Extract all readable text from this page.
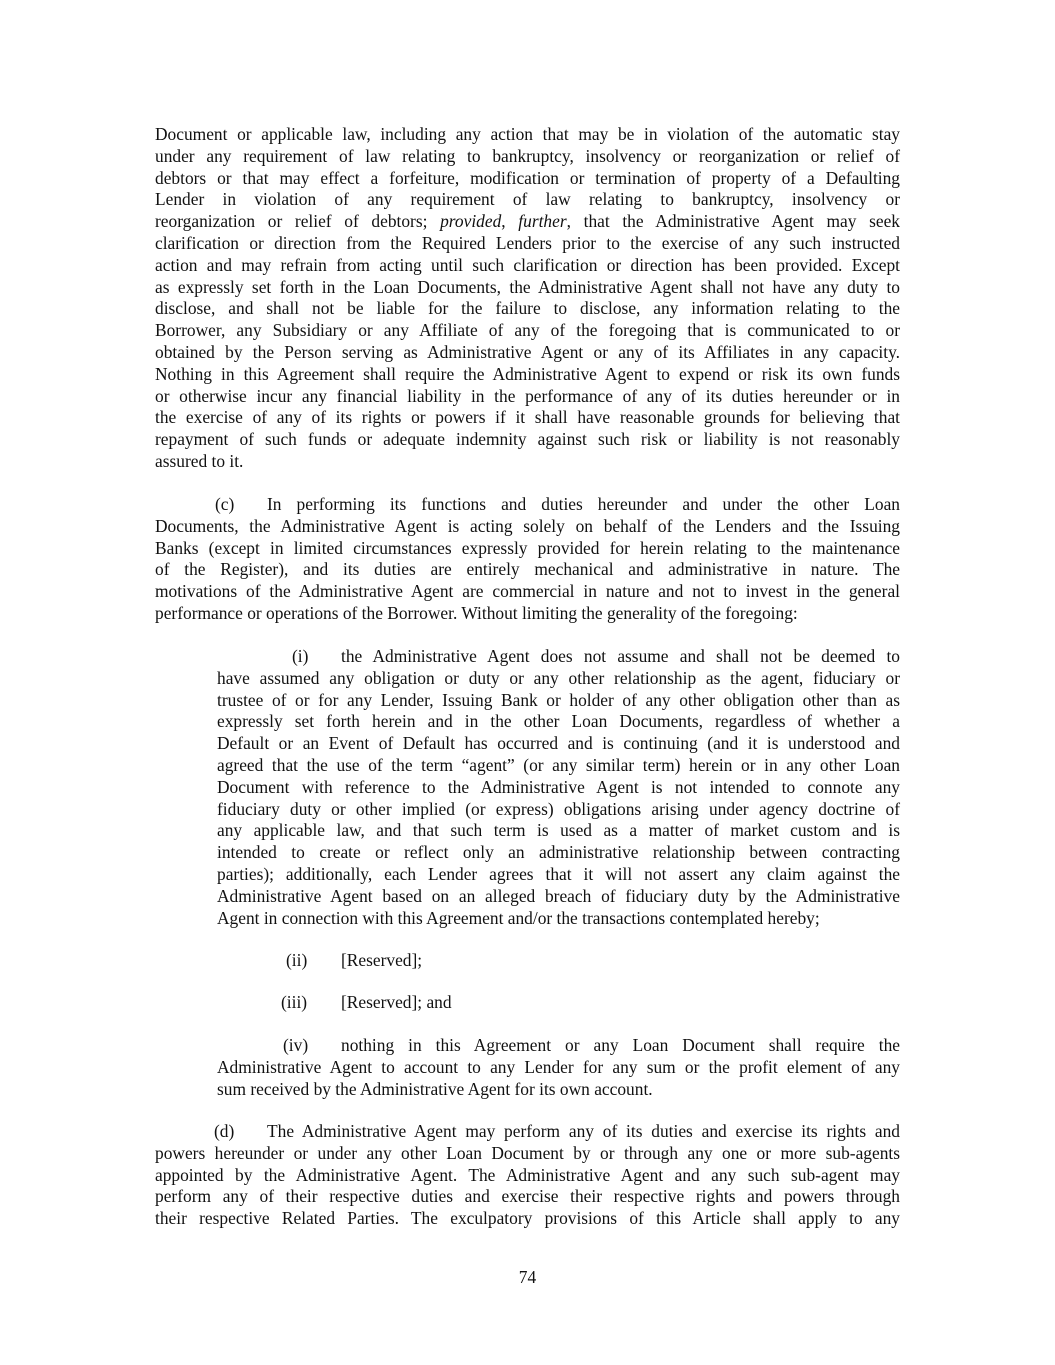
Document or applicable law, including any action that may be in violation of the automatic stay
under any requirement of law relating to bankruptcy, insolvency or reorganization or relief of
debtors or that may effect a forfeiture, modification or termination of property of a Defaulting
Lender in violation of any requirement of law relating to bankruptcy, insolvency or
reorganization or relief of debtors; provided, further, that the Administrative Agent may seek
clarification or direction from the Required Lenders prior to the exercise of any such instructed
action and may refrain from acting until such clarification or direction has been provided. Except
as expressly set forth in the Loan Documents, the Administrative Agent shall not have any duty to
disclose, and shall not be liable for the failure to disclose, any information relating to the
Borrower, any Subsidiary or any Affiliate of any of the foregoing that is communicated to or
obtained by the Person serving as Administrative Agent or any of its Affiliates in any capacity.
Nothing in this Agreement shall require the Administrative Agent to expend or risk its own funds
or otherwise incur any financial liability in the performance of any of its duties hereunder or in
the exercise of any of its rights or powers if it shall have reasonable grounds for believing that
repayment of such funds or adequate indemnity against such risk or liability is not reasonably
assured to it.
(c) In performing its functions and duties hereunder and under the other Loan
Documents, the Administrative Agent is acting solely on behalf of the Lenders and the Issuing
Banks (except in limited circumstances expressly provided for herein relating to the maintenance
of the Register), and its duties are entirely mechanical and administrative in nature. The
motivations of the Administrative Agent are commercial in nature and not to invest in the general
performance or operations of the Borrower. Without limiting the generality of the foregoing:
(i) the Administrative Agent does not assume and shall not be deemed to
have assumed any obligation or duty or any other relationship as the agent, fiduciary or
trustee of or for any Lender, Issuing Bank or holder of any other obligation other than as
expressly set forth herein and in the other Loan Documents, regardless of whether a
Default or an Event of Default has occurred and is continuing (and it is understood and
agreed that the use of the term “agent” (or any similar term) herein or in any other Loan
Document with reference to the Administrative Agent is not intended to connote any
fiduciary duty or other implied (or express) obligations arising under agency doctrine of
any applicable law, and that such term is used as a matter of market custom and is
intended to create or reflect only an administrative relationship between contracting
parties); additionally, each Lender agrees that it will not assert any claim against the
Administrative Agent based on an alleged breach of fiduciary duty by the Administrative
Agent in connection with this Agreement and/or the transactions contemplated hereby;
(ii) [Reserved];
(iii) [Reserved]; and
(iv) nothing in this Agreement or any Loan Document shall require the
Administrative Agent to account to any Lender for any sum or the profit element of any
sum received by the Administrative Agent for its own account.
(d) The Administrative Agent may perform any of its duties and exercise its rights and
powers hereunder or under any other Loan Document by or through any one or more sub-agents
appointed by the Administrative Agent. The Administrative Agent and any such sub-agent may
perform any of their respective duties and exercise their respective rights and powers through
their respective Related Parties. The exculpatory provisions of this Article shall apply to any
74
